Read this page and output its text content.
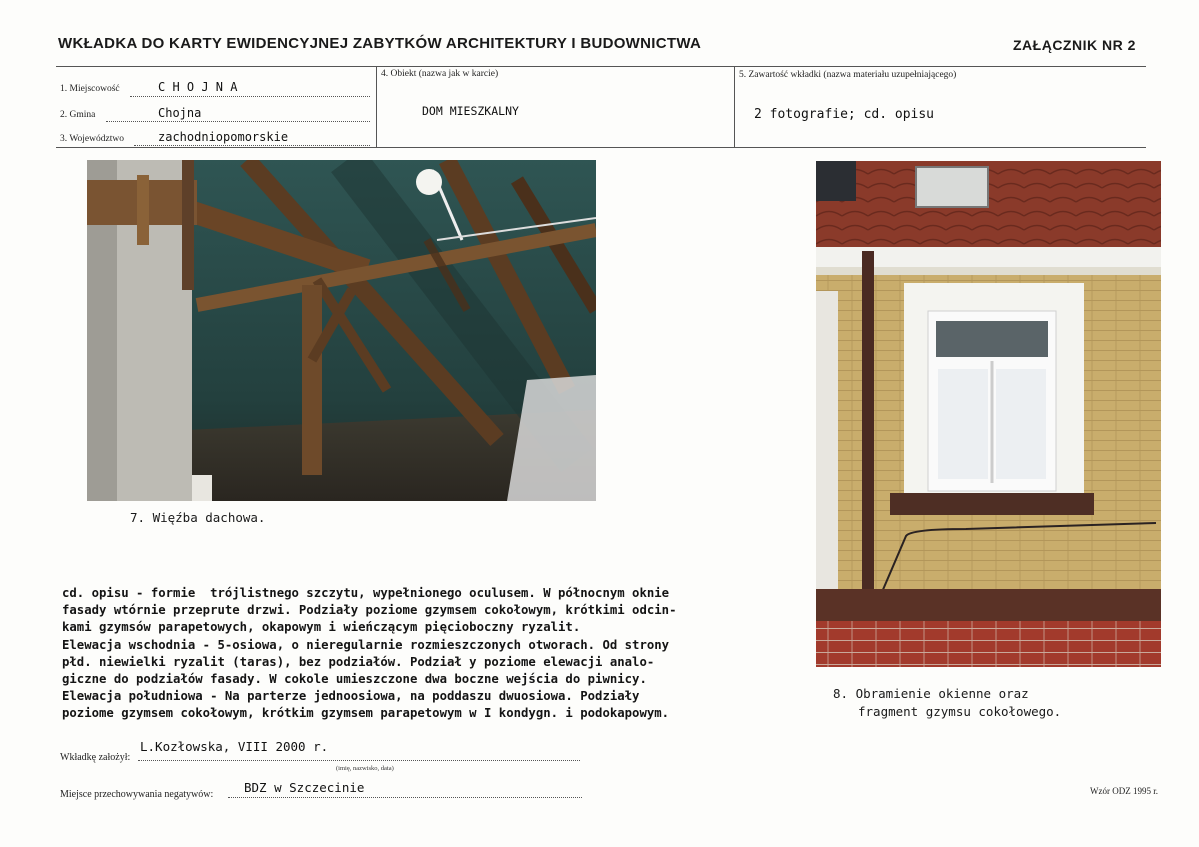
WKŁADKA DO KARTY EWIDENCYJNEJ ZABYTKÓW ARCHITEKTURY I BUDOWNICTWA	ZAŁĄCZNIK NR 2
1. Miejscowość	C H O J N A
2. Gmina	Chojna
3. Województwo	zachodniopomorskie
4. Obiekt (nazwa jak w karcie)
DOM MIESZKALNY
5. Zawartość wkładki (nazwa materiału uzupełniającego)
2 fotografie; cd. opisu
7. Więźba dachowa.
8. Obramienie okienne oraz
fragment gzymsu cokołowego.
cd. opisu - formie  trójlistnego szczytu, wypełnionego oculusem. W północnym oknie
fasady wtórnie przeprute drzwi. Podziały poziome gzymsem cokołowym, krótkimi odcin-
kami gzymsów parapetowych, okapowym i wieńczącym pięcioboczny ryzalit.
Elewacja wschodnia - 5-osiowa, o nieregularnie rozmieszczonych otworach. Od strony
płd. niewielki ryzalit (taras), bez podziałów. Podział y poziome elewacji analo-
giczne do podziałów fasady. W cokole umieszczone dwa boczne wejścia do piwnicy.
Elewacja południowa - Na parterze jednoosiowa, na poddaszu dwuosiowa. Podziały
poziome gzymsem cokołowym, krótkim gzymsem parapetowym w I kondygn. i podokapowym.
Wkładkę założył:
L.Kozłowska, VIII 2000 r.
(imię, nazwisko, data)
Miejsce przechowywania negatywów: BDZ w Szczecinie	Wzór ODZ 1995 r.
